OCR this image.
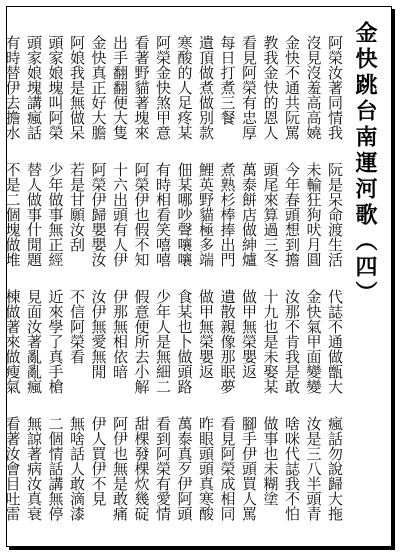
金快跳台南運河歌（四）
阿榮汝著同情我
阮是呆命渡生活
代誌不通做甑大
瘋話勿說歸大拖
沒見沒羞高高嬈
未輸狂狗吠月圓
金快氣甲面變變
汝是三八半頭青
金快不通共阮罵
今年春頭想到擔
汝那不肯我是敢
啥咪代誌我不怕
教我金快的恩人
頭尾來算過三冬
十九也是未娶某
做事也未糊塗
看見阿榮有忠厚
萬泰餅店做紳爐
做甲無榮嬰返
腳手伊頭買人罵
每日打煮三餐
煮熟杉棒捧出門
遺散親像那眠夢
看見阿榮成相同
遺頂做煮做別款
鯉英野貓極多端
做甲無榮嬰返
昨眼頭頭真寒酸
寒酸的人足疼某
佃某哪吵聲嚷嚷
食某也卜做頭路
萬泰真歹伊阿頭
阿榮金快煞甲意
有時相看笑嘻嘻
少年人是無細二
看到阿榮有愛情
看著野貓著塊來
阿榮伊也假不知
假意便所去小解
甜棵發棵炊幾碇
出手翻翻便大隻
十六出頭有人伊
伊那無相依暗
阿伊也無是敢痛
金快真正好大膽
阿榮伊歸嬰嬰汝
汝伊無愛無閒
伊人買伊不見
阿娘我是無做呆
若是甘願汝刮
不信阿榮看
無啥話人敢滴漆
頭家娘塊叫阿榮
少年做事無正經
近來學了真手槍
二個情話講無停
頭家娘塊講瘋話
替人做事什閒題
見面汝著亂亂瘋
無諒著病汝真衰
有時替伊去擔水
不是二個塊做堆
棟做著來做瘦氣
看著汝會目吐雷
